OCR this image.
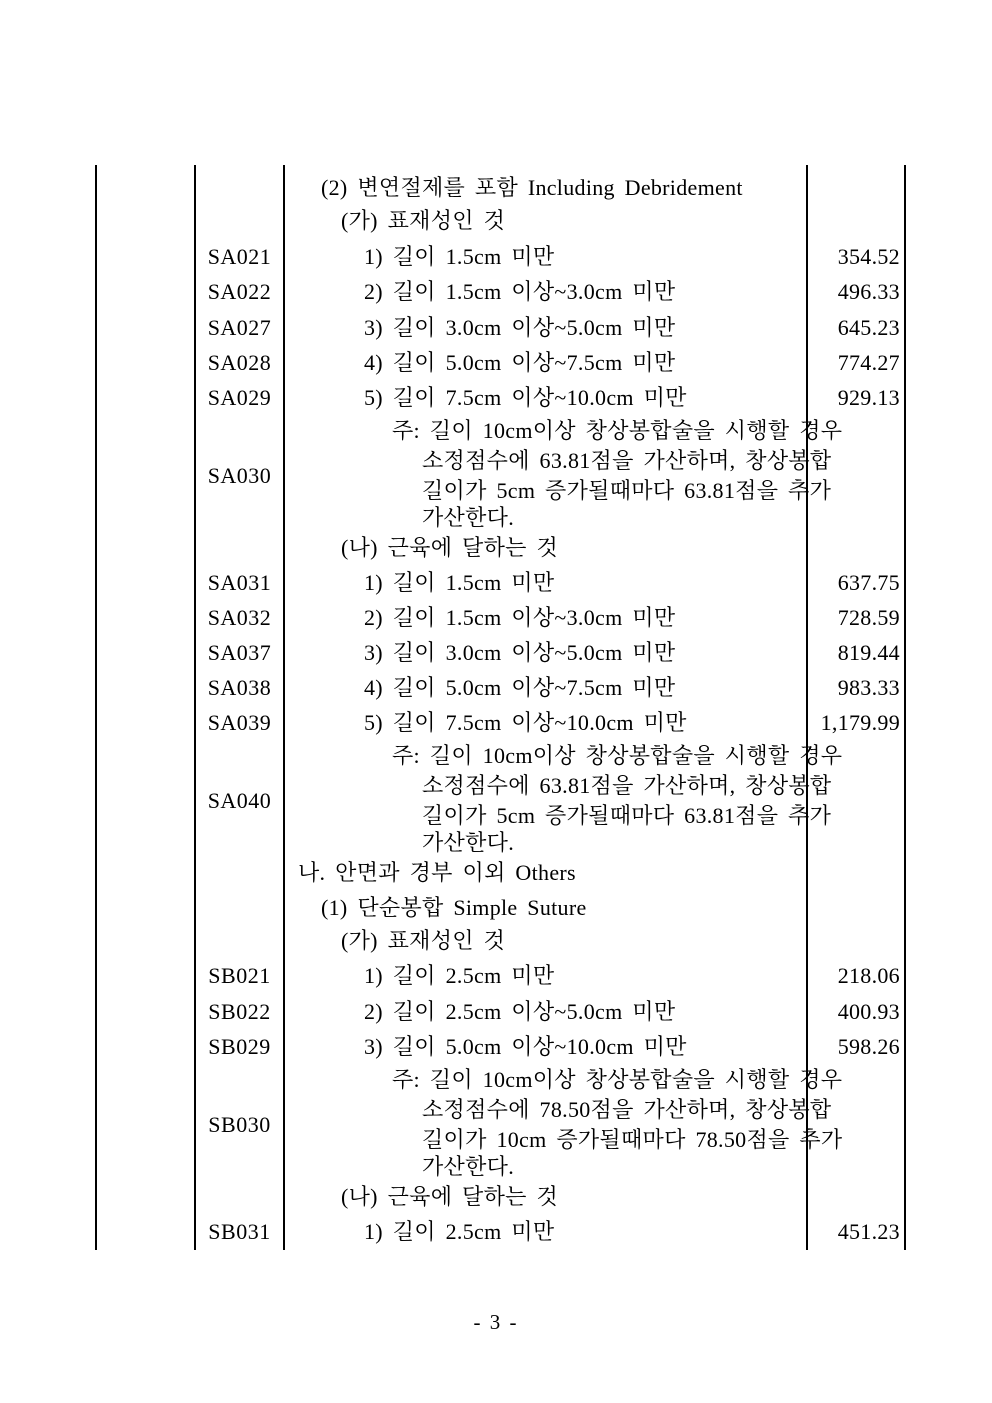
(2) 변연절제를 포함 Including Debridement
(가) 표재성인 것
SA021	1) 길이 1.5cm 미만	354.52
SA022	2) 길이 1.5cm 이상~3.0cm 미만	496.33
SA027	3) 길이 3.0cm 이상~5.0cm 미만	645.23
SA028	4) 길이 5.0cm 이상~7.5cm 미만	774.27
SA029	5) 길이 7.5cm 이상~10.0cm 미만	929.13
SA030
주: 길이 10cm이상 창상봉합술을 시행할 경우
소정점수에 63.81점을 가산하며, 창상봉합
길이가 5cm 증가될때마다 63.81점을 추가
가산한다.
(나) 근육에 달하는 것
SA031	1) 길이 1.5cm 미만	637.75
SA032	2) 길이 1.5cm 이상~3.0cm 미만	728.59
SA037	3) 길이 3.0cm 이상~5.0cm 미만	819.44
SA038	4) 길이 5.0cm 이상~7.5cm 미만	983.33
SA039	5) 길이 7.5cm 이상~10.0cm 미만	1,179.99
SA040
주: 길이 10cm이상 창상봉합술을 시행할 경우
소정점수에 63.81점을 가산하며, 창상봉합
길이가 5cm 증가될때마다 63.81점을 추가
가산한다.
나. 안면과 경부 이외 Others
(1) 단순봉합 Simple Suture
(가) 표재성인 것
SB021	1) 길이 2.5cm 미만	218.06
SB022	2) 길이 2.5cm 이상~5.0cm 미만	400.93
SB029	3) 길이 5.0cm 이상~10.0cm 미만	598.26
SB030
주: 길이 10cm이상 창상봉합술을 시행할 경우
소정점수에 78.50점을 가산하며, 창상봉합
길이가 10cm 증가될때마다 78.50점을 추가
가산한다.
(나) 근육에 달하는 것
SB031	1) 길이 2.5cm 미만	451.23
- 3 -
